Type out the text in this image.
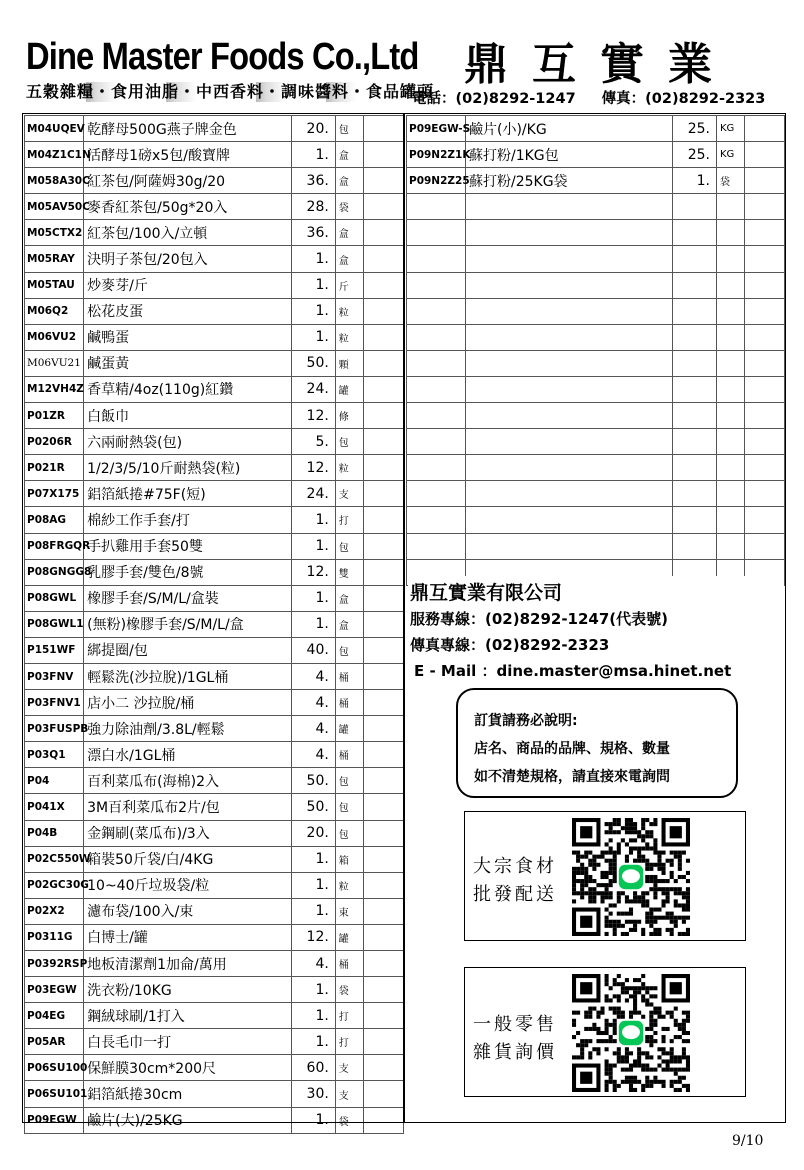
Dine Master Foods Co.,Ltd 鼎互實業
五穀雜糧・食用油脂・中西香料・調味醬料・食品罐頭
電話：(02)8292-1247 傳真：(02)8292-2323
M04UQEV	乾酵母500G燕子牌金色	20.	包	
M04Z1C1N	活酵母1磅x5包/酸寶牌	1.	盒	
M058A30C	紅茶包/阿薩姆30g/20	36.	盒	
M05AV50C	麥香紅茶包/50g*20入	28.	袋	
M05CTX2	紅茶包/100入/立頓	36.	盒	
M05RAY	決明子茶包/20包入	1.	盒	
M05TAU	炒麥芽/斤	1.	斤	
M06Q2	松花皮蛋	1.	粒	
M06VU2	鹹鴨蛋	1.	粒	
M06VU21	鹹蛋黃	50.	顆	
M12VH4Z	香草精/4oz(110g)紅鑽	24.	罐	
P01ZR	白飯巾	12.	條	
P0206R	六兩耐熱袋(包)	5.	包	
P021R	1/2/3/5/10斤耐熱袋(粒)	12.	粒	
P07X175	鋁箔紙捲#75F(短)	24.	支	
P08AG	棉紗工作手套/打	1.	打	
P08FRGQR	手扒雞用手套50雙	1.	包	
P08GNGG8	乳膠手套/雙色/8號	12.	雙	
P08GWL	橡膠手套/S/M/L/盒裝	1.	盒	
P08GWL1	(無粉)橡膠手套/S/M/L/盒	1.	盒	
P151WF	綁提圈/包	40.	包	
P03FNV	輕鬆洗(沙拉脫)/1GL桶	4.	桶	
P03FNV1	店小二 沙拉脫/桶	4.	桶	
P03FUSPB	強力除油劑/3.8L/輕鬆	4.	罐	
P03Q1	漂白水/1GL桶	4.	桶	
P04	百利菜瓜布(海棉)2入	50.	包	
P041X	3M百利菜瓜布2片/包	50.	包	
P04B	金鋼刷(菜瓜布)/3入	20.	包	
P02C550W	箱裝50斤袋/白/4KG	1.	箱	
P02GC30G	10~40斤垃圾袋/粒	1.	粒	
P02X2	濾布袋/100入/束	1.	束	
P0311G	白博士/罐	12.	罐	
P0392RSP	地板清潔劑1加侖/萬用	4.	桶	
P03EGW	洗衣粉/10KG	1.	袋	
P04EG	鋼絨球刷/1打入	1.	打	
P05AR	白長毛巾一打	1.	打	
P06SU100	保鮮膜30cm*200尺	60.	支	
P06SU101	鋁箔紙捲30cm	30.	支	
P09EGW	鹼片(大)/25KG	1.	袋	
P09EGW-S	鹼片(小)/KG	25.	KG	
P09N2Z1K	蘇打粉/1KG包	25.	KG	
P09N2Z25	蘇打粉/25KG袋	1.	袋	

鼎互實業有限公司
服務專線：(02)8292-1247(代表號)
傳真專線：(02)8292-2323
E - Mail ：dine.master@msa.hinet.net
訂貨請務必說明:
店名、商品的品牌、規格、數量
如不清楚規格，請直接來電詢問
大宗食材
批發配送
一般零售
雜貨詢價
9/10
